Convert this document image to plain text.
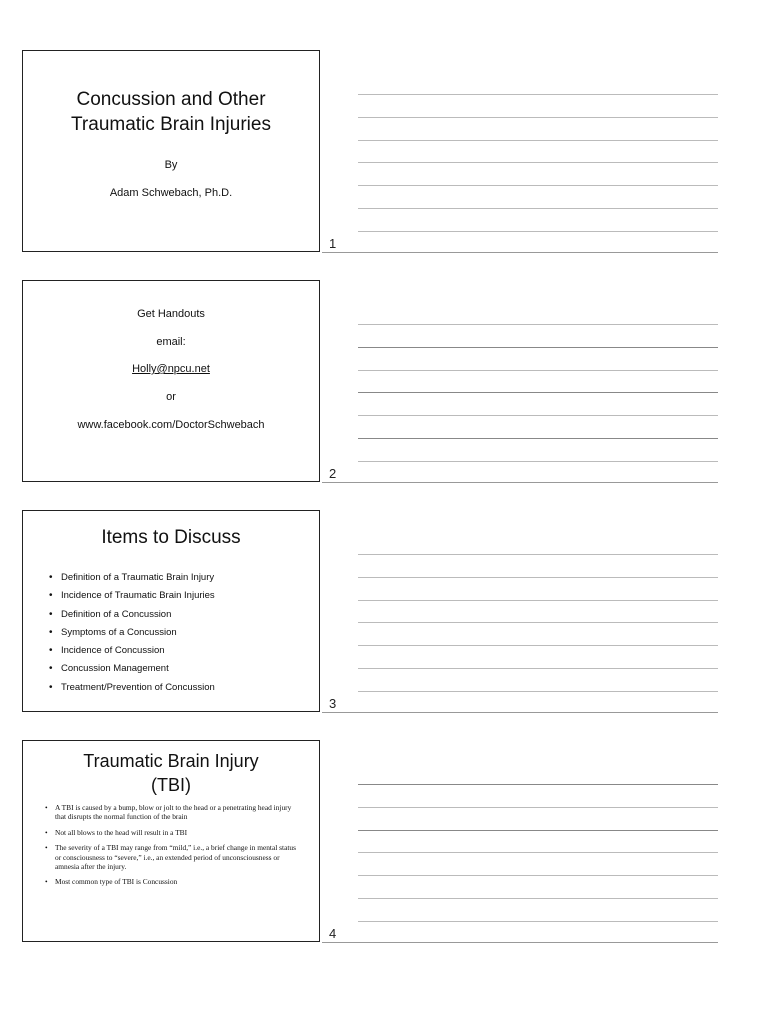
Concussion and Other
Traumatic Brain Injuries
By
Adam Schwebach, Ph.D.
1
Get Handouts
email:
Holly@npcu.net
or
www.facebook.com/DoctorSchwebach
2
Items to Discuss
• Definition of a Traumatic Brain Injury
• Incidence of Traumatic Brain Injuries
• Definition of a Concussion
• Symptoms of a Concussion
• Incidence of Concussion
• Concussion Management
• Treatment/Prevention of Concussion
3
Traumatic Brain Injury
(TBI)
• A TBI is caused by a bump, blow or jolt to the head or a penetrating head injury that disrupts the normal function of the brain
• Not all blows to the head will result in a TBI
• The severity of a TBI may range from “mild,” i.e., a brief change in mental status or consciousness to “severe,” i.e., an extended period of unconsciousness or amnesia after the injury.
• Most common type of TBI is Concussion
4
